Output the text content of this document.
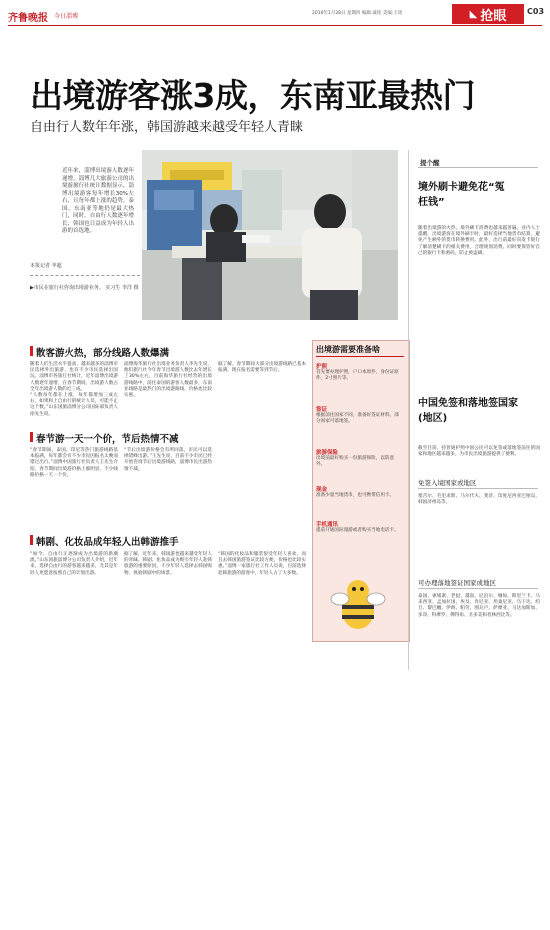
齐鲁晚报 今日淄博	2016年1月28日 星期四 编辑:戚铭 美编:王瑶	◣ 抢眼	C03
出境游客涨3成，东南亚最热门
自由行人数年年涨，韩国游越来越受年轻人青睐
近年来，淄博出境游人数逐年递增，淄博几大旅游公司的出境游旅行社统计数据显示，淄博出境游客每年增长30%左右，且每年都上涨的趋势，泰国、东南亚等地仍是最大热门，同时，自由行人数逐年增长，韩国也日益成为年轻人出游的首选地。
本报记者 苹超
▶市民在旅行社咨询出境游业务。 实习生 李洋 摄
散客游火热，部分线路人数爆满
随着人们生活水平提高，越来越多的淄博市民选择外出旅游，也有不少市民选择出国玩。淄博市各旅行社统计，近年淄博出境游人数逐年递增，在春节期间，出境游人数占全年出境游人数的近三成。
“人数每年都在上涨，每年都增加三成左右，如果和上自由行的统计人员，可能不止这个数。”山东国旅淄博分公司国际部负责人徐先生说。
淄博海华旅行社出境业务负责人李先生说，他们旅行社今年春节出境游人数比去年增长了30%左右，目前海华旅行社经营的出境游线路中，前往泰国的游客人数最多，东南亚线路是最热门的出境游路线，价格也比较实惠。
据了解，春节期间大部分出境游线路已基本报满，现在报名需要等到节后。
春节游一天一个价，节后热情不减
“春节期间，泰国、印尼等热门旅游线路基本报满，每年都会有不少市民因报名太晚而错过出行。”淄博中国旅行社负责人王先生介绍，春节期间出境游价格上涨明显，不少线路价格一天一个价。
“节后出境游价格会有所回落，市民可以选择错峰出游。”王先生说，目前不少市民已经开始咨询节后出境游线路，淄博市民出游热情不减。
韩剧、化妆品成年轻人出韩游推手
“如今，自由行正逐渐成为出境游的新潮流。”山东国旅淄博分公司负责人介绍，近年来，选择自由行的游客越来越多，尤其是年轻人更愿意按照自己的计划出游。
据了解，近年来，韩国游也越来越受年轻人的青睐。韩剧、化妆品成为吸引年轻人赴韩旅游的重要原因。不少年轻人选择去韩国购物、体验韩剧中的场景。
“韩国的化妆品和服装很受年轻人喜欢，而且去韩国旅游签证比较方便，价格也比较实惠。”淄博一家旅行社工作人员说，目前选择赴韩旅游的游客中，年轻人占了大多数。
出境游需要准备啥
护照
首先要办理护照，户口本原件，身份证原件，2寸照片等。
签证
根据前往国家不同，准备好签证材料。部分国家可落地签。
旅游保险
出境前最好购买一份旅游保险，以防意外。
现金
准备少量当地货币，也可携带信用卡。
手机通讯
提前开通国际漫游或者购买当地电话卡。
提个醒
境外刷卡避免花“冤枉钱”
随着出境游的火热，境外刷卡消费也越来越普遍。业内人士提醒，出境游客在境外刷卡时，最好选择当地货币结算，避免产生额外的货币转换费用。此外，出行前最好向发卡银行了解清楚刷卡的相关费用，合理规划消费。同时要保管好自己的银行卡和密码，防止被盗刷。
中国免签和落地签国家(地区)
截至目前，持普通护照中国公民可以免签或落地签前往的国家和地区越来越多，为市民出境旅游提供了便利。
免签入境国家或地区
塞舌尔、毛里求斯、马尔代夫、斐济、印度尼西亚巴厘岛、韩国济州岛等。
可办理落地签证国家或地区
泰国、柬埔寨、老挝、越南、尼泊尔、缅甸、斯里兰卡、马来西亚、孟加拉国、埃及、肯尼亚、坦桑尼亚、乌干达、约旦、黎巴嫩、伊朗、帕劳、图瓦卢、萨摩亚、马达加斯加、多哥、科摩罗、佛得角、圣多美和普林西比等。
